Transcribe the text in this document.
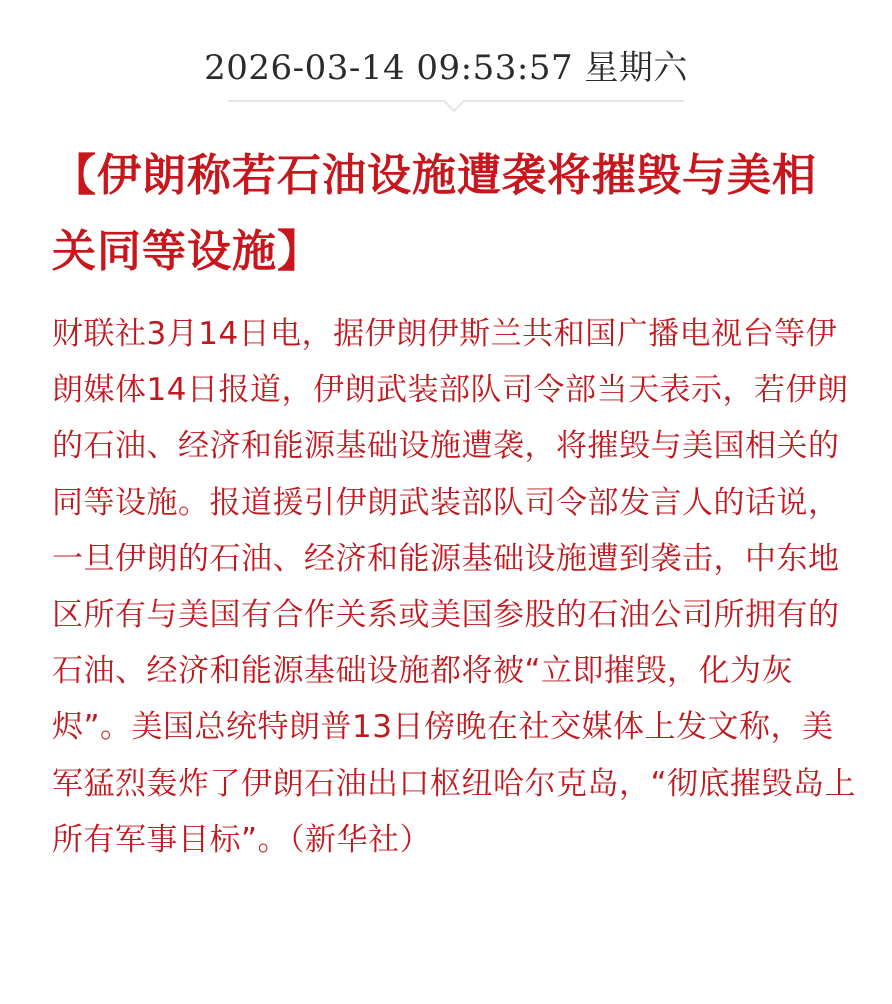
2026-03-14 09:53:57 星期六
【伊朗称若石油设施遭袭将摧毁与美相关同等设施】

财联社3月14日电，据伊朗伊斯兰共和国广播电视台等伊朗媒体14日报道，伊朗武装部队司令部当天表示，若伊朗的石油、经济和能源基础设施遭袭，将摧毁与美国相关的同等设施。报道援引伊朗武装部队司令部发言人的话说，一旦伊朗的石油、经济和能源基础设施遭到袭击，中东地区所有与美国有合作关系或美国参股的石油公司所拥有的石油、经济和能源基础设施都将被“立即摧毁，化为灰烬”。美国总统特朗普13日傍晚在社交媒体上发文称，美军猛烈轰炸了伊朗石油出口枢纽哈尔克岛，“彻底摧毁岛上所有军事目标”。（新华社）
